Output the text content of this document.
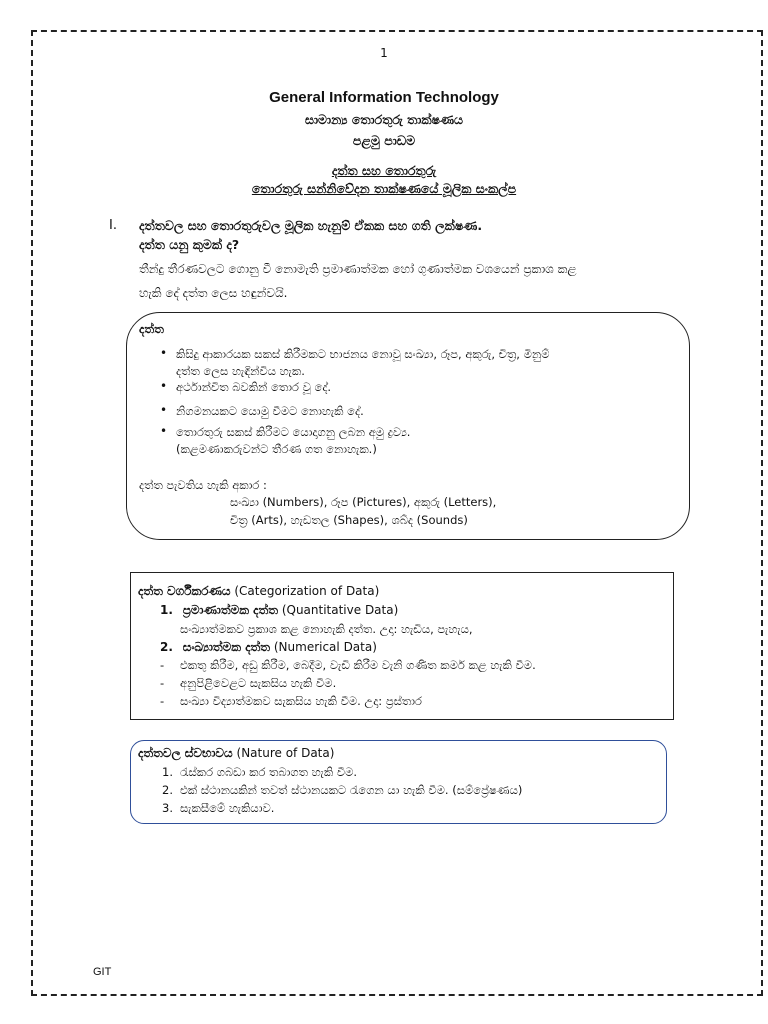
1
General Information Technology
සාමාන්‍ය තොරතුරු තාක්ෂණය
පළමු පාඩම
දත්ත සහ තොරතුරු
තොරතුරු සන්නිවේදන තාක්ෂණයේ මූලික සංකල්ප
I. දත්තවල සහ තොරතුරුවල මූලික හැනුම් ඒකක සහ ගති ලක්ෂණ.
දත්ත යනු කුමක් ද?
තීන්දු තීරණවලට ගොනු වී නොමැති ප්‍රමාණාත්මක හෝ ගුණාත්මක වශයෙන් ප්‍රකාශ කළ
හැකි දේ දත්ත ලෙස හඳුන්වයි.
දත්ත
• කිසිදු ආකාරයක සකස් කිරීමකට භාජනය නොවූ සංඛ්‍යා, රූප, අකුරු, චිත්‍ර, මිනුම්
දත්ත ලෙස හැඳින්විය හැක.
• අර්ථාන්විත බවකින් තොර වූ දේ.
• නිගමනයකට යොමු වීමට නොහැකි දේ.
• තොරතුරු සකස් කිරීමට යොදාගනු ලබන අමු ද්‍රව්‍ය.
(කළමණාකරුවන්ට තීරණ ගත නොහැක.)
දත්ත පැවතිය හැකි අකාර :
සංඛ්‍යා (Numbers), රූප (Pictures), අකුරු (Letters),
චිත්‍ර (Arts), හැඩතල (Shapes), ශබ්ද (Sounds)
දත්ත වර්ගීකරණය (Categorization of Data)
1. ප්‍රමාණාත්මක දත්ත (Quantitative Data)
සංඛ්‍යාත්මකව ප්‍රකාශ කළ නොහැකි දත්ත. උදා: හැඩිය, පැහැය,
2. සංඛ්‍යාත්මක දත්ත (Numerical Data)
- එකතු කිරීම, අඩු කිරීම, බෙදීම, වැඩි කිරීම වැනි ගණිත කර්ම කළ හැකි වීම.
- අනුපිළිවෙළට සැකසිය හැකි වීම.
- සංඛ්‍යා විද්‍යාත්මකව සැකසිය හැකි වීම. උදා: ප්‍රස්තාර
දත්තවල ස්වභාවය (Nature of Data)
1. රැස්කර ගබඩා කර තබාගත හැකි වීම.
2. එක් ස්ථානයකින් තවත් ස්ථානයකට රැගෙන යා හැකි වීම. (සම්ප්‍රේෂණය)
3. සැකසීමේ හැකියාව.
GIT
